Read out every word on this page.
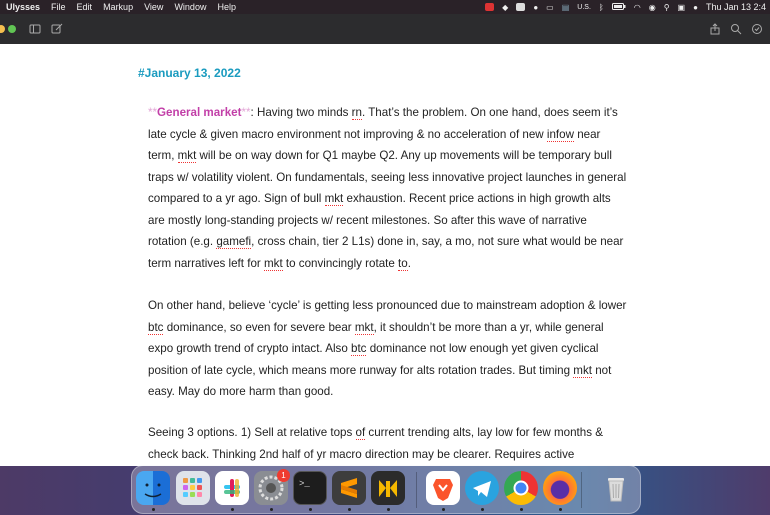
Ulysses File Edit Markup View Window Help	◆	● ▭ ▤ U.S. ᛒ	◠ ◉ ⚲ ▣ ● Thu Jan 13 2:4
#January 13, 2022
**General market**: Having two minds rn. That’s the problem. On one hand, does seem it’s late cycle & given macro environment not improving & no acceleration of new infow near term, mkt will be on way down for Q1 maybe Q2. Any up movements will be temporary bull traps w/ volatility violent. On fundamentals, seeing less innovative project launches in general compared to a yr ago. Sign of bull mkt exhaustion. Recent price actions in high growth alts are mostly long-standing projects w/ recent milestones. So after this wave of narrative rotation (e.g. gamefi, cross chain, tier 2 L1s) done in, say, a mo, not sure what would be near term narratives left for mkt to convincingly rotate to.
On other hand, believe ‘cycle’ is getting less pronounced due to mainstream adoption & lower btc dominance, so even for severe bear mkt, it shouldn’t be more than a yr, while general expo growth trend of crypto intact. Also btc dominance not low enough yet given cyclical position of late cycle, which means more runway for alts rotation trades. But timing mkt not easy. May do more harm than good.
Seeing 3 options. 1) Sell at relative tops of current trending alts, lay low for few months & check back. Thinking 2nd half of yr macro direction may be clearer. Requires active
1
>_
